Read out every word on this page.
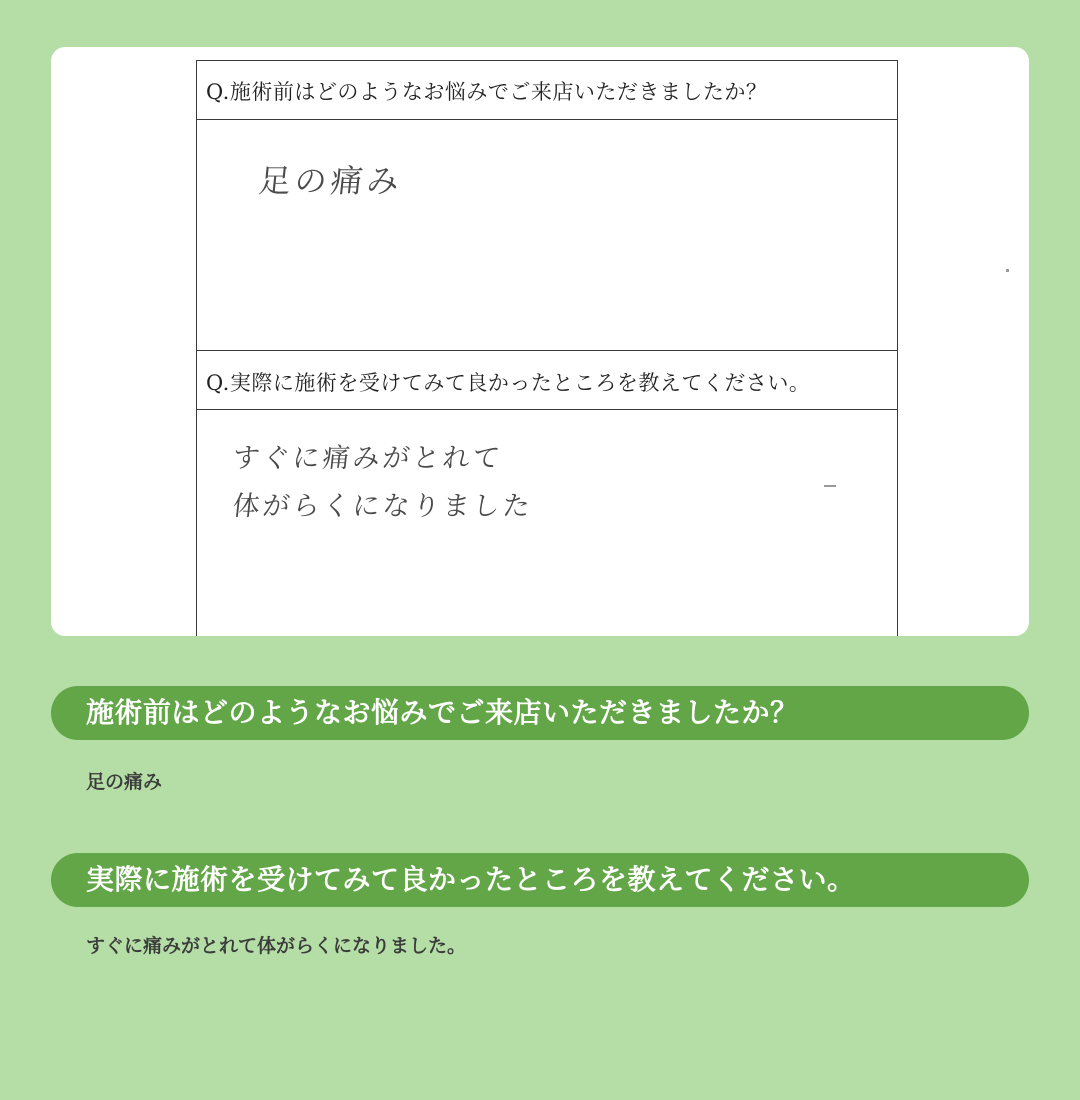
Q.施術前はどのようなお悩みでご来店いただきましたか？
足の痛み
Q.実際に施術を受けてみて良かったところを教えてください。
すぐに痛みがとれて
体がらくになりました
施術前はどのようなお悩みでご来店いただきましたか？
足の痛み
実際に施術を受けてみて良かったところを教えてください。
すぐに痛みがとれて体がらくになりました。
